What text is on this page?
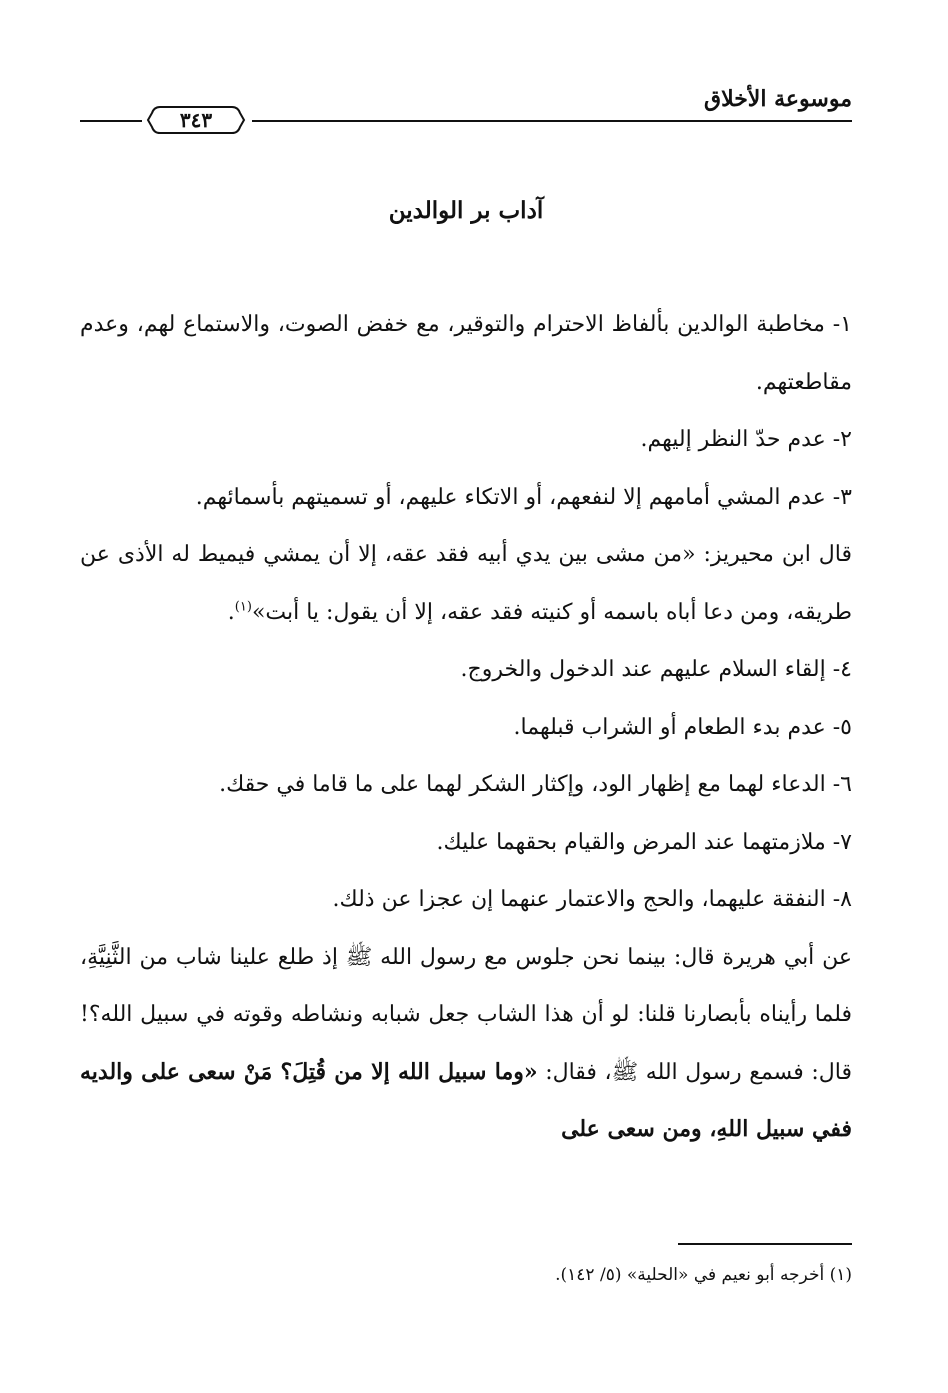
موسوعة الأخلاق
٣٤٣
آداب بر الوالدين

١- مخاطبة الوالدين بألفاظ الاحترام والتوقير، مع خفض الصوت، والاستماع لهم، وعدم مقاطعتهم.

٢- عدم حدّ النظر إليهم.

٣- عدم المشي أمامهم إلا لنفعهم، أو الاتكاء عليهم، أو تسميتهم بأسمائهم.

قال ابن محيريز: «من مشى بين يدي أبيه فقد عقه، إلا أن يمشي فيميط له الأذى عن طريقه، ومن دعا أباه باسمه أو كنيته فقد عقه، إلا أن يقول: يا أبت»$^{(١)}$.

٤- إلقاء السلام عليهم عند الدخول والخروج.

٥- عدم بدء الطعام أو الشراب قبلهما.

٦- الدعاء لهما مع إظهار الود، وإكثار الشكر لهما على ما قاما في حقك.

٧- ملازمتهما عند المرض والقيام بحقهما عليك.

٨- النفقة عليهما، والحج والاعتمار عنهما إن عجزا عن ذلك.

عن أبي هريرة قال: بينما نحن جلوس مع رسول الله ﷺ إذ طلع علينا شاب من الثَّنِيَّةِ، فلما رأيناه بأبصارنا قلنا: لو أن هذا الشاب جعل شبابه ونشاطه وقوته في سبيل الله؟! قال: فسمع رسول الله ﷺ، فقال: «وما سبيل الله إلا من قُتِلَ؟ مَنْ سعى على والديه ففي سبيل اللهِ، ومن سعى على

(١) أخرجه أبو نعيم في «الحلية» (٥/ ١٤٢).
